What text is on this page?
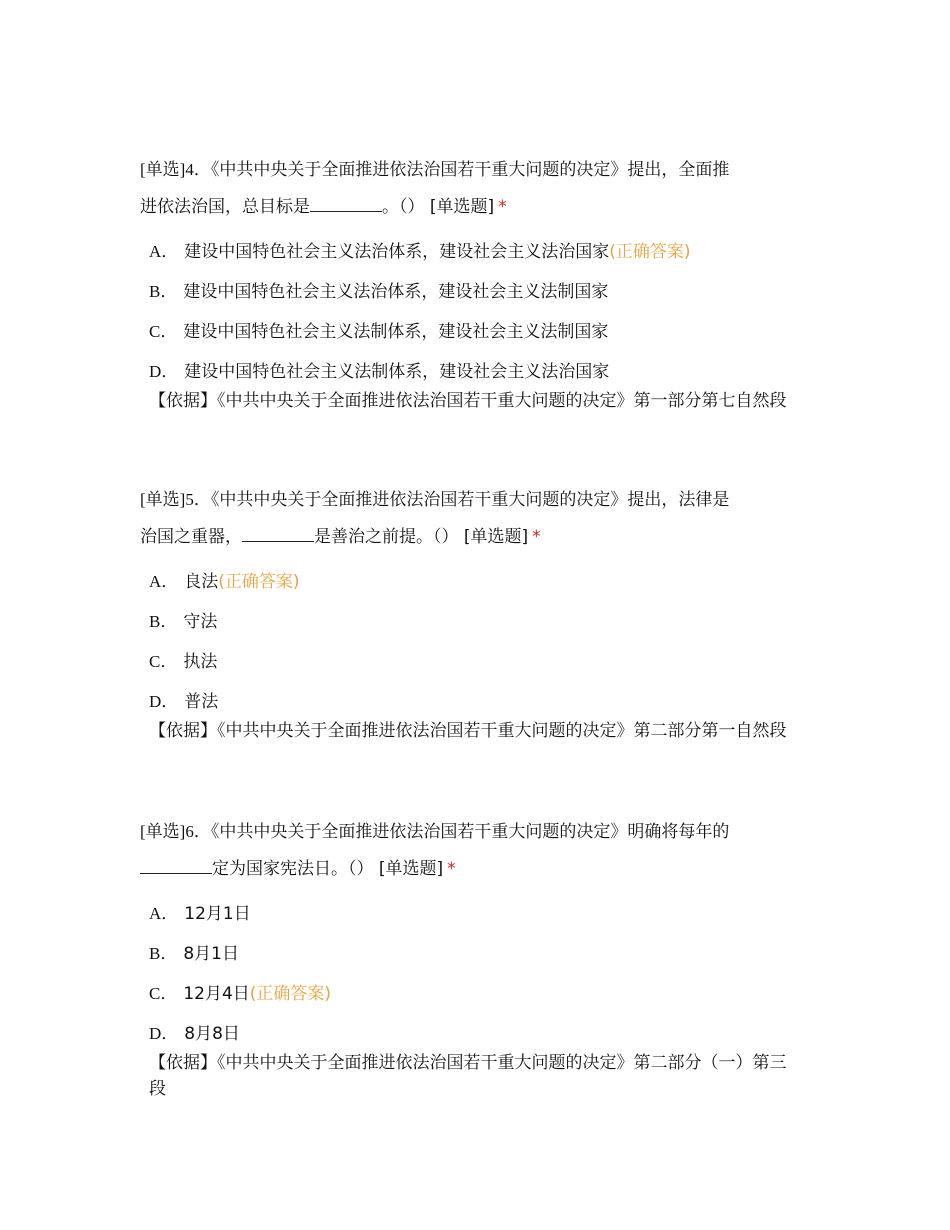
[单选]4．《中共中央关于全面推进依法治国若干重大问题的决定》提出，全面推
进依法治国，总目标是	。（） [单选题] *

A． 建设中国特色社会主义法治体系，建设社会主义法治国家(正确答案)
B． 建设中国特色社会主义法治体系，建设社会主义法制国家
C． 建设中国特色社会主义法制体系，建设社会主义法制国家
D． 建设中国特色社会主义法制体系，建设社会主义法治国家
【依据】《中共中央关于全面推进依法治国若干重大问题的决定》第一部分第七自然段

[单选]5．《中共中央关于全面推进依法治国若干重大问题的决定》提出，法律是
治国之重器，	是善治之前提。（） [单选题] *

A． 良法(正确答案)
B． 守法
C． 执法
D． 普法
【依据】《中共中央关于全面推进依法治国若干重大问题的决定》第二部分第一自然段

[单选]6．《中共中央关于全面推进依法治国若干重大问题的决定》明确将每年的
定为国家宪法日。（） [单选题] *

A． 12月1日
B． 8月1日
C． 12月4日(正确答案)
D． 8月8日
【依据】《中共中央关于全面推进依法治国若干重大问题的决定》第二部分（一）第三段
